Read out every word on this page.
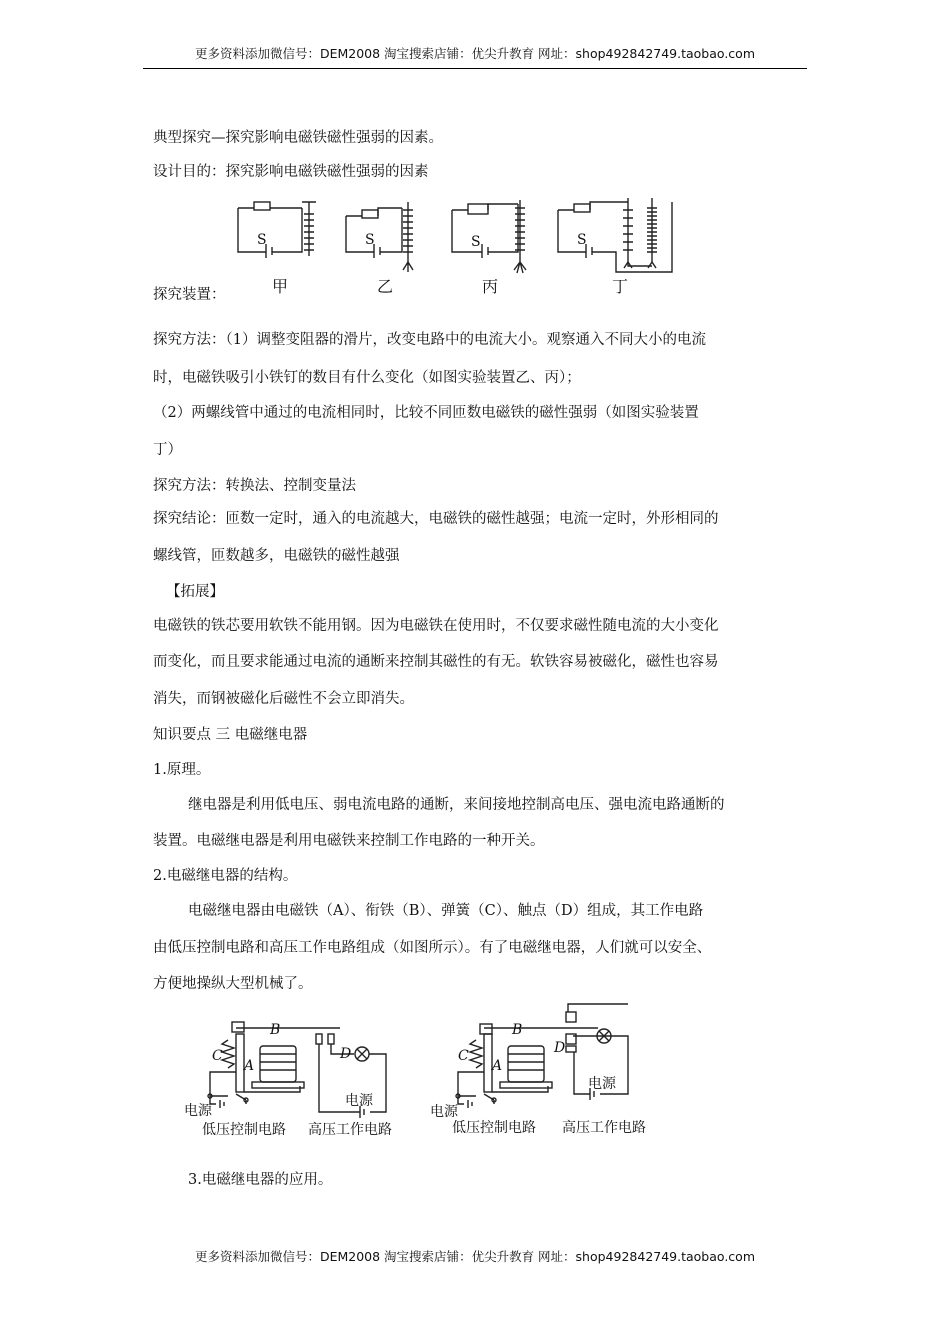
更多资料添加微信号：DEM2008 淘宝搜索店铺：优尖升教育 网址：shop492842749.taobao.com
典型探究—探究影响电磁铁磁性强弱的因素。
设计目的：探究影响电磁铁磁性强弱的因素
S	S	S	S
甲	乙	丙	丁
探究装置：
探究方法：（1）调整变阻器的滑片，改变电路中的电流大小。观察通入不同大小的电流
时，电磁铁吸引小铁钉的数目有什么变化（如图实验装置乙、丙）；
（2）两螺线管中通过的电流相同时，比较不同匝数电磁铁的磁性强弱（如图实验装置
丁）
探究方法：转换法、控制变量法
探究结论：匝数一定时，通入的电流越大，电磁铁的磁性越强；电流一定时，外形相同的
螺线管，匝数越多，电磁铁的磁性越强
【拓展】
电磁铁的铁芯要用软铁不能用钢。因为电磁铁在使用时，不仅要求磁性随电流的大小变化
而变化，而且要求能通过电流的通断来控制其磁性的有无。软铁容易被磁化，磁性也容易
消失，而钢被磁化后磁性不会立即消失。
知识要点 三 电磁继电器
1.原理。
继电器是利用低电压、弱电流电路的通断，来间接地控制高电压、强电流电路通断的
装置。电磁继电器是利用电磁铁来控制工作电路的一种开关。
2.电磁继电器的结构。
电磁继电器由电磁铁（A）、衔铁（B）、弹簧（C）、触点（D）组成，其工作电路
由低压控制电路和高压工作电路组成（如图所示）。有了电磁继电器，人们就可以安全、
方便地操纵大型机械了。
B
C
A
D
电源
电源
低压控制电路 高压工作电路
B
C
A
D
电源
电源
低压控制电路 高压工作电路
3.电磁继电器的应用。
更多资料添加微信号：DEM2008 淘宝搜索店铺：优尖升教育 网址：shop492842749.taobao.com
